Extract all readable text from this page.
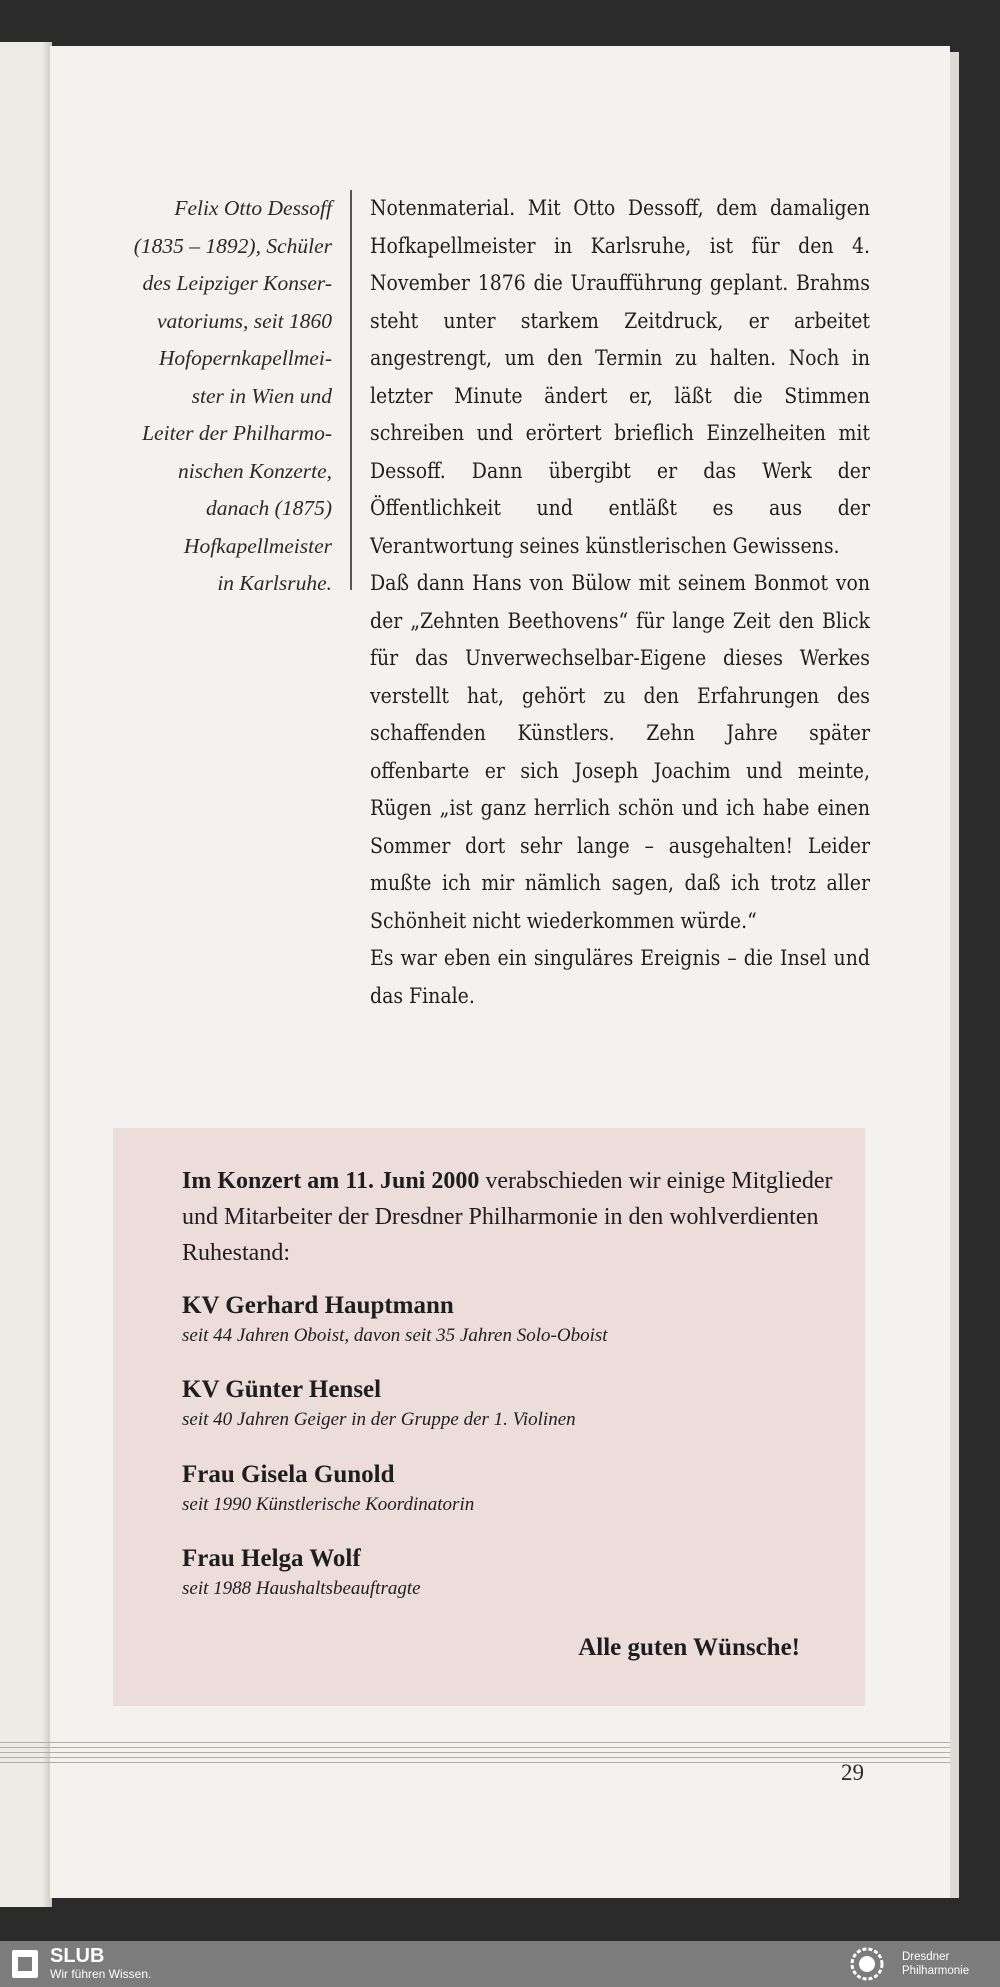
Felix Otto Dessoff
(1835 – 1892), Schüler
des Leipziger Konser-
vatoriums, seit 1860
Hofopernkapellmei-
ster in Wien und
Leiter der Philharmo-
nischen Konzerte,
danach (1875)
Hofkapellmeister
in Karlsruhe.

Notenmaterial. Mit Otto Dessoff, dem damaligen Hofkapellmeister in Karlsruhe, ist für den 4. November 1876 die Uraufführung geplant. Brahms steht unter starkem Zeitdruck, er arbeitet angestrengt, um den Termin zu halten. Noch in letzter Minute ändert er, läßt die Stimmen schreiben und erörtert brieflich Einzelheiten mit Dessoff. Dann übergibt er das Werk der Öffentlichkeit und entläßt es aus der Verantwortung seines künstlerischen Gewissens.

Daß dann Hans von Bülow mit seinem Bonmot von der „Zehnten Beethovens“ für lange Zeit den Blick für das Unverwechselbar-Eigene dieses Werkes verstellt hat, gehört zu den Erfahrungen des schaffenden Künstlers. Zehn Jahre später offenbarte er sich Joseph Joachim und meinte, Rügen „ist ganz herrlich schön und ich habe einen Sommer dort sehr lange – ausgehalten! Leider mußte ich mir nämlich sagen, daß ich trotz aller Schönheit nicht wiederkommen würde.“

Es war eben ein singuläres Ereignis – die Insel und das Finale.

Im Konzert am 11. Juni 2000 verabschieden wir einige Mitglieder und Mitarbeiter der Dresdner Philharmonie in den wohlverdienten Ruhestand:
KV Gerhard Hauptmann
seit 44 Jahren Oboist, davon seit 35 Jahren Solo-Oboist
KV Günter Hensel
seit 40 Jahren Geiger in der Gruppe der 1. Violinen
Frau Gisela Gunold
seit 1990 Künstlerische Koordinatorin
Frau Helga Wolf
seit 1988 Haushaltsbeauftragte
Alle guten Wünsche!
29
SLUB
Wir führen Wissen.
Dresdner
Philharmonie
